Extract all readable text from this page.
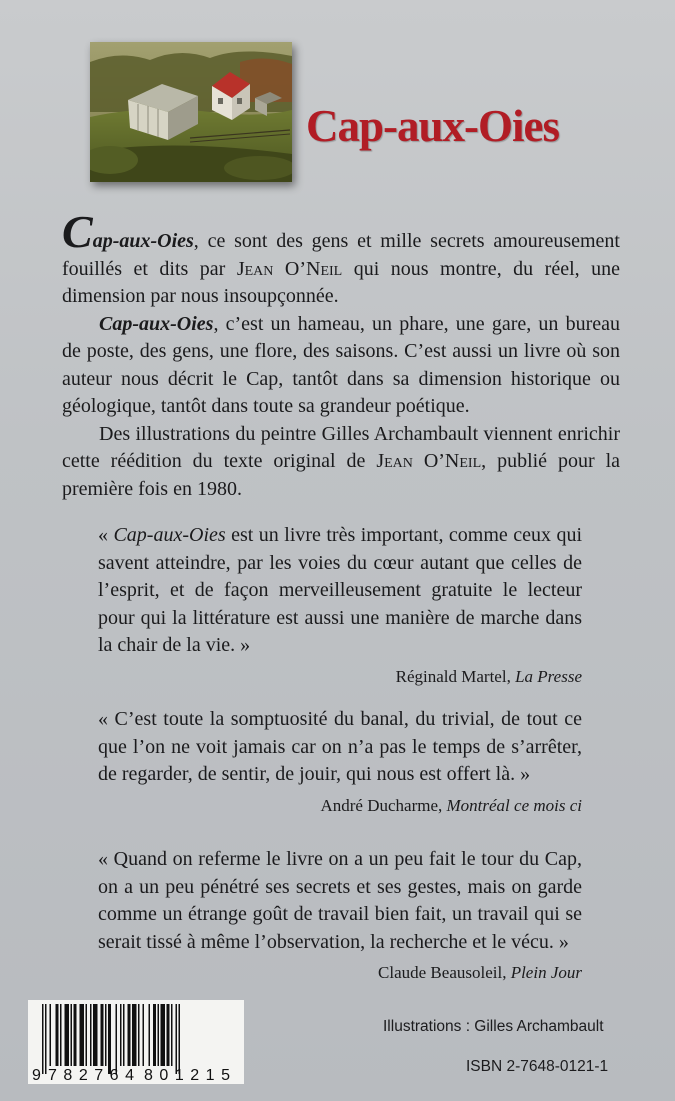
Cap-aux-Oies

Cap-aux-Oies, ce sont des gens et mille secrets amoureusement fouillés et dits par Jean O’Neil qui nous montre, du réel, une dimension par nous insoupçonnée.

Cap-aux-Oies, c’est un hameau, un phare, une gare, un bureau de poste, des gens, une flore, des saisons. C’est aussi un livre où son auteur nous décrit le Cap, tantôt dans sa dimension historique ou géologique, tantôt dans toute sa grandeur poétique.

Des illustrations du peintre Gilles Archambault viennent enrichir cette réédition du texte original de Jean O’Neil, publié pour la première fois en 1980.

« Cap-aux-Oies est un livre très important, comme ceux qui savent atteindre, par les voies du cœur autant que celles de l’esprit, et de façon merveilleusement gratuite le lecteur pour qui la littérature est aussi une manière de marche dans la chair de la vie. »

Réginald Martel, La Presse

« C’est toute la somptuosité du banal, du trivial, de tout ce que l’on ne voit jamais car on n’a pas le temps de s’arrêter, de regarder, de sentir, de jouir, qui nous est offert là. »

André Ducharme, Montréal ce mois ci

« Quand on referme le livre on a un peu fait le tour du Cap, on a un peu pénétré ses secrets et ses gestes, mais on garde comme un étrange goût de travail bien fait, un travail qui se serait tissé à même l’observation, la recherche et le vécu. »

Claude Beausoleil, Plein Jour
9 782764 801215
Illustrations : Gilles Archambault
ISBN 2-7648-0121-1
